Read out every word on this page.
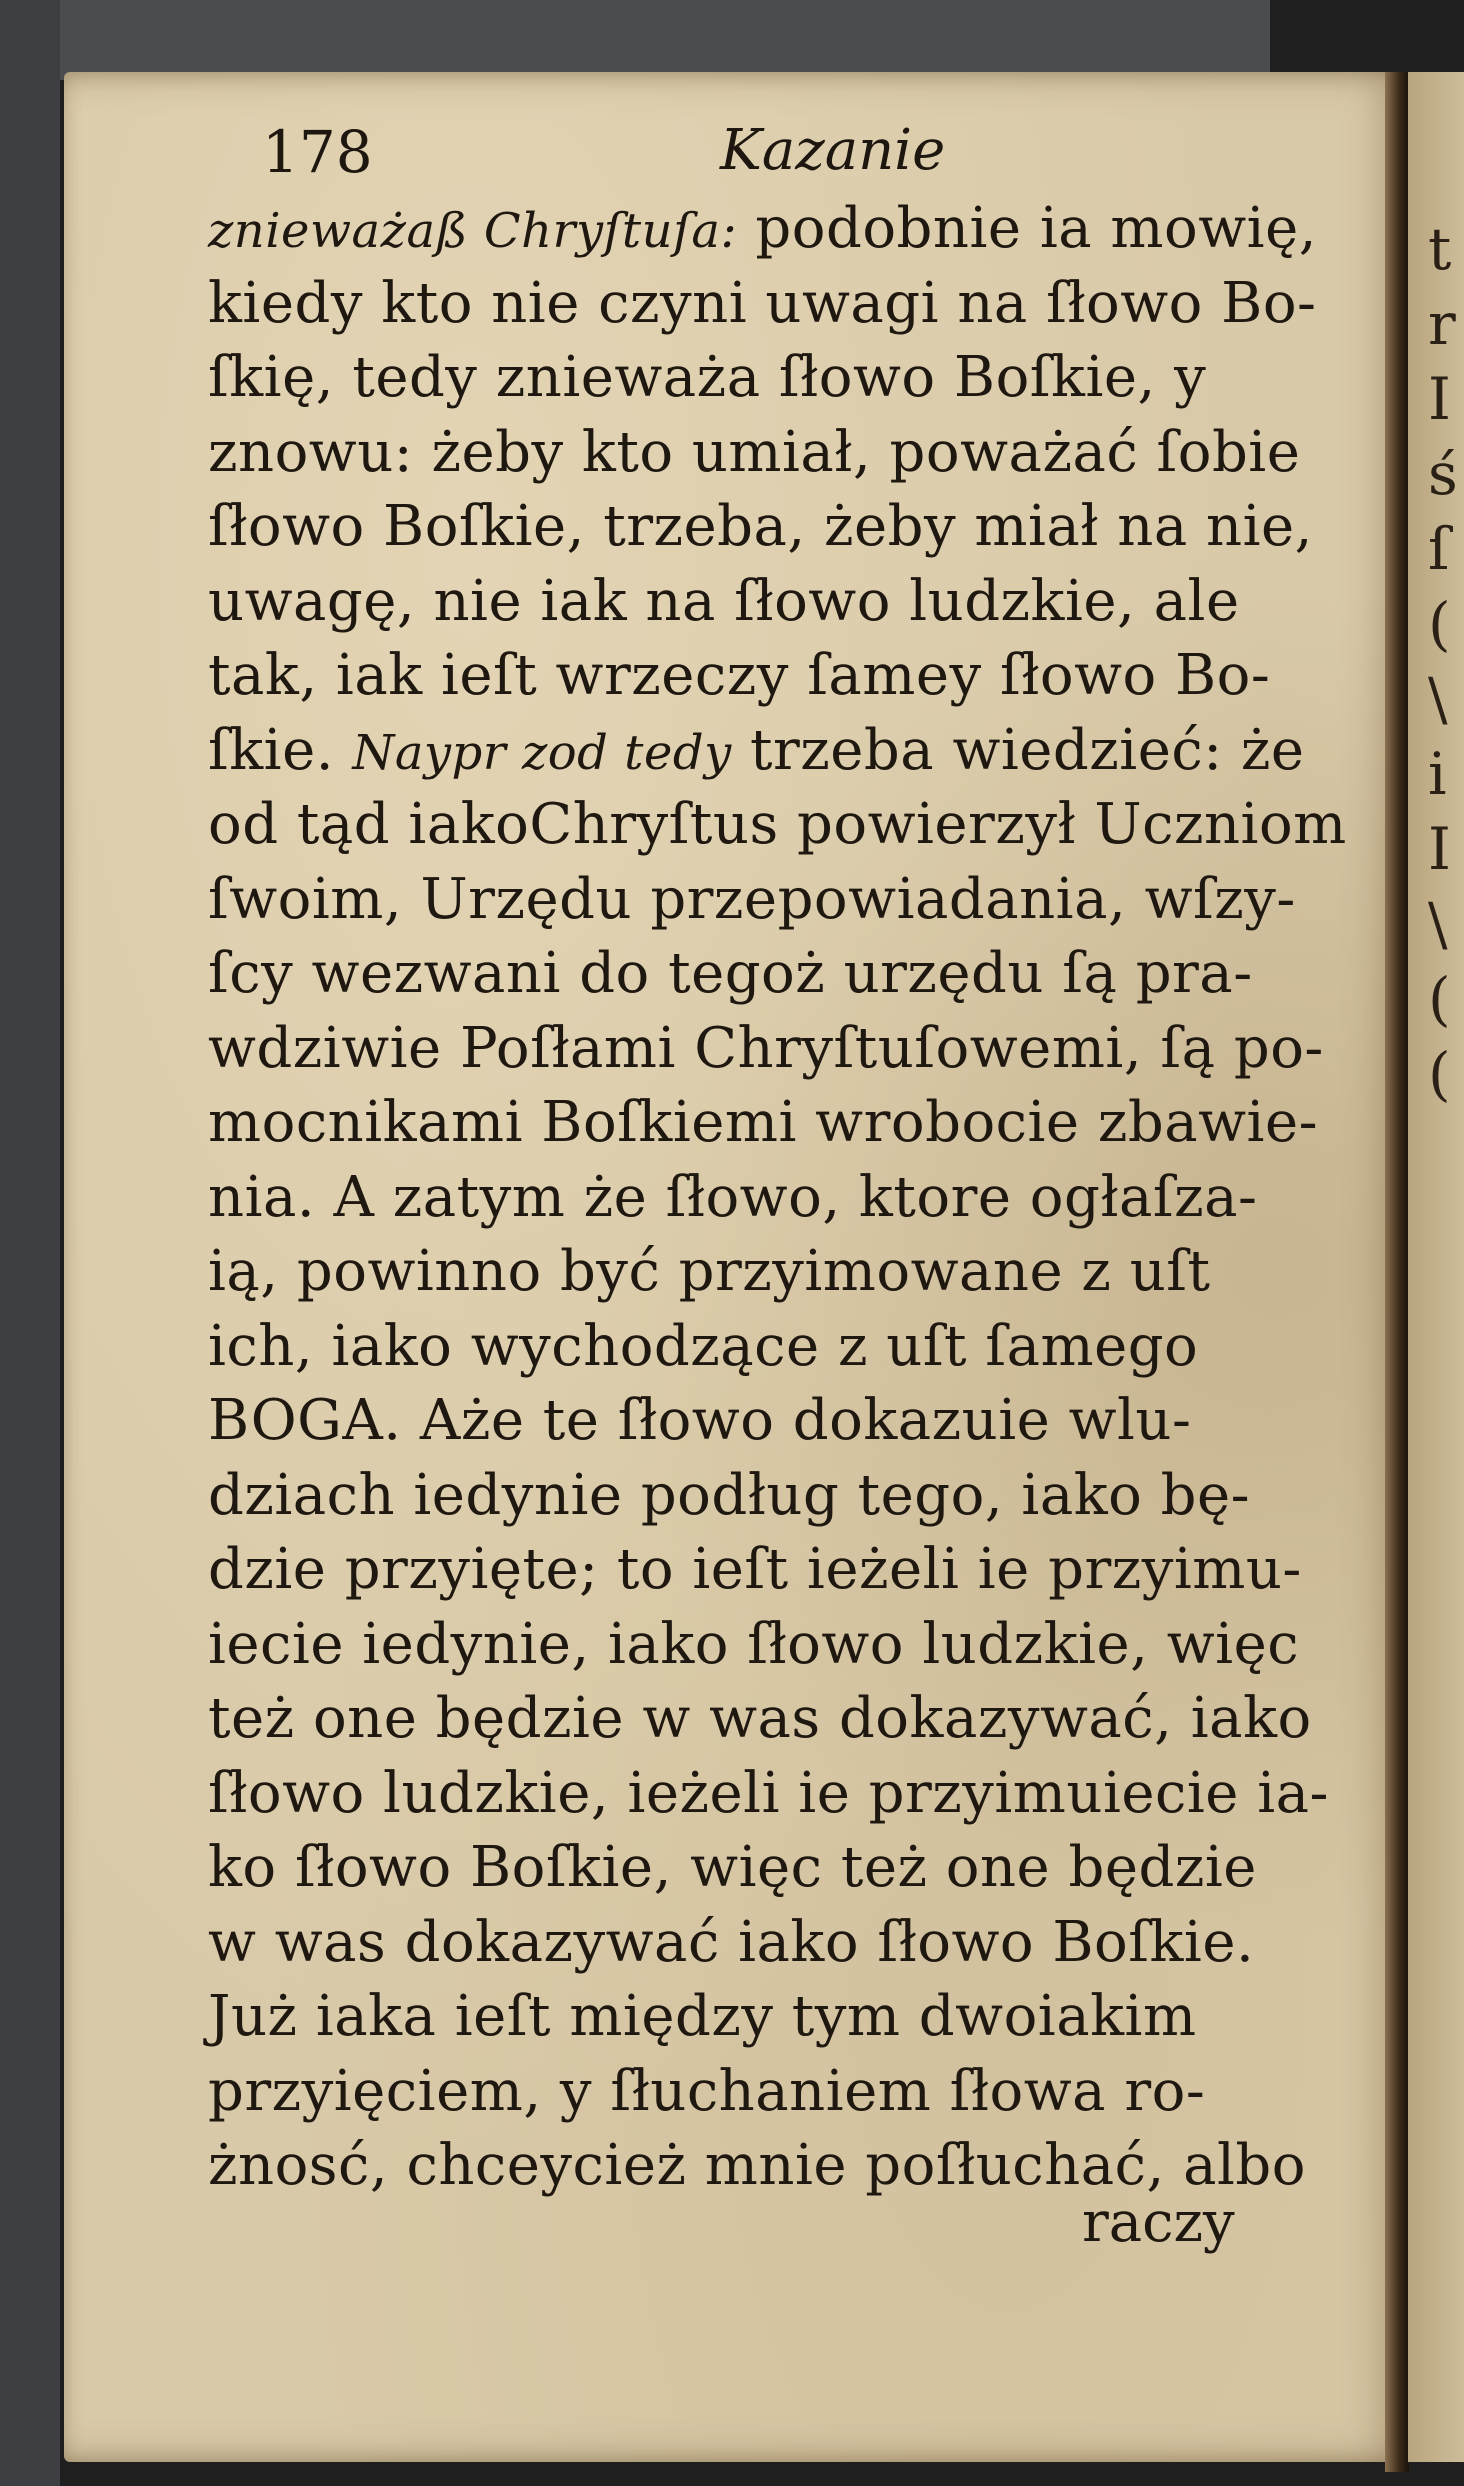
t
r
I
ś
ſ
(
\
i
I
\
(
(
178	Kazanie
znieważaß Chryſtuſa: podobnie ia mowię,
kiedy kto nie czyni uwagi na ſłowo Bo-
ſkię, tedy znieważa ſłowo Boſkie, y
znowu: żeby kto umiał, poważać ſobie
ſłowo Boſkie, trzeba, żeby miał na nie,
uwagę, nie iak na ſłowo ludzkie, ale
tak, iak ieſt wrzeczy ſamey ſłowo Bo-
ſkie. Naypr zod tedy trzeba wiedzieć: że
od tąd iakoChryſtus powierzył Uczniom
ſwoim, Urzędu przepowiadania, wſzy-
ſcy wezwani do tegoż urzędu ſą pra-
wdziwie Poſłami Chryſtuſowemi, ſą po-
mocnikami Boſkiemi wrobocie zbawie-
nia. A zatym że ſłowo, ktore ogłaſza-
ią, powinno być przyimowane z uſt
ich, iako wychodzące z uſt ſamego
BOGA. Aże te ſłowo dokazuie wlu-
dziach iedynie podług tego, iako bę-
dzie przyięte; to ieſt ieżeli ie przyimu-
iecie iedynie, iako ſłowo ludzkie, więc
też one będzie w was dokazywać, iako
ſłowo ludzkie, ieżeli ie przyimuiecie ia-
ko ſłowo Boſkie, więc też one będzie
w was dokazywać iako ſłowo Boſkie.
Już iaka ieſt między tym dwoiakim
przyięciem, y ſłuchaniem ſłowa ro-
żnosć, chceycież mnie poſłuchać, albo
raczy
